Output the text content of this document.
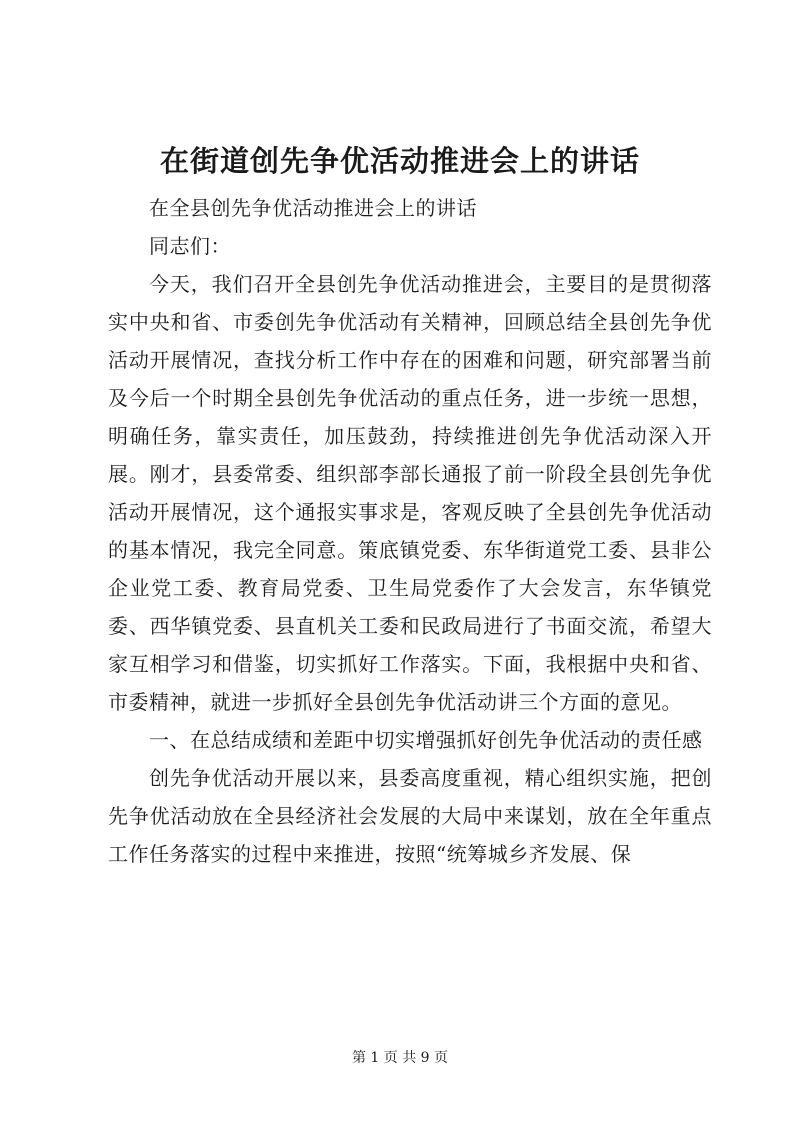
在街道创先争优活动推进会上的讲话

在全县创先争优活动推进会上的讲话

同志们：

今天，我们召开全县创先争优活动推进会，主要目的是贯彻落实中央和省、市委创先争优活动有关精神，回顾总结全县创先争优活动开展情况，查找分析工作中存在的困难和问题，研究部署当前及今后一个时期全县创先争优活动的重点任务，进一步统一思想，明确任务，靠实责任，加压鼓劲，持续推进创先争优活动深入开展。刚才，县委常委、组织部李部长通报了前一阶段全县创先争优活动开展情况，这个通报实事求是，客观反映了全县创先争优活动的基本情况，我完全同意。策底镇党委、东华街道党工委、县非公企业党工委、教育局党委、卫生局党委作了大会发言，东华镇党委、西华镇党委、县直机关工委和民政局进行了书面交流，希望大家互相学习和借鉴，切实抓好工作落实。下面，我根据中央和省、市委精神，就进一步抓好全县创先争优活动讲三个方面的意见。

一、在总结成绩和差距中切实增强抓好创先争优活动的责任感

创先争优活动开展以来，县委高度重视，精心组织实施，把创先争优活动放在全县经济社会发展的大局中来谋划，放在全年重点工作任务落实的过程中来推进，按照“统筹城乡齐发展、保

第 1 页 共 9 页
